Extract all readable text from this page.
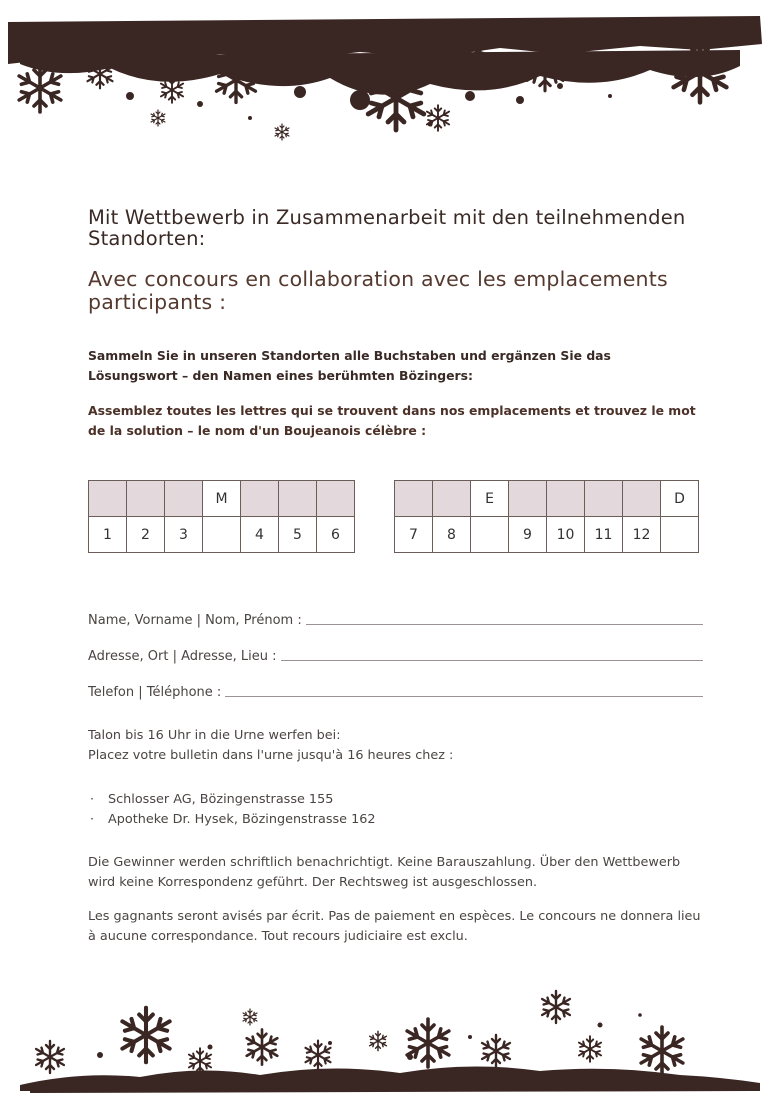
Mit Wettbewerb in Zusammenarbeit mit den teilnehmenden Standorten:
Avec concours en collaboration avec les emplacements participants :

Sammeln Sie in unseren Standorten alle Buchstaben und ergänzen Sie das Lösungswort – den Namen eines berühmten Bözingers:

Assemblez toutes les lettres qui se trouvent dans nos emplacements et trouvez le mot de la solution – le nom d'un Boujeanois célèbre :

			M			
1	2	3		4	5	6
		E					D
7	8		9	10	11	12	
Name, Vorname | Nom, Prénom :
Adresse, Ort | Adresse, Lieu :
Telefon | Téléphone :

Talon bis 16 Uhr in die Urne werfen bei:
Placez votre bulletin dans l'urne jusqu'à 16 heures chez :

· Schlosser AG, Bözingenstrasse 155
· Apotheke Dr. Hysek, Bözingenstrasse 162

Die Gewinner werden schriftlich benachrichtigt. Keine Barauszahlung. Über den Wettbewerb wird keine Korrespondenz geführt. Der Rechtsweg ist ausgeschlossen.

Les gagnants seront avisés par écrit. Pas de paiement en espèces. Le concours ne donnera lieu à aucune correspondance. Tout recours judiciaire est exclu.
